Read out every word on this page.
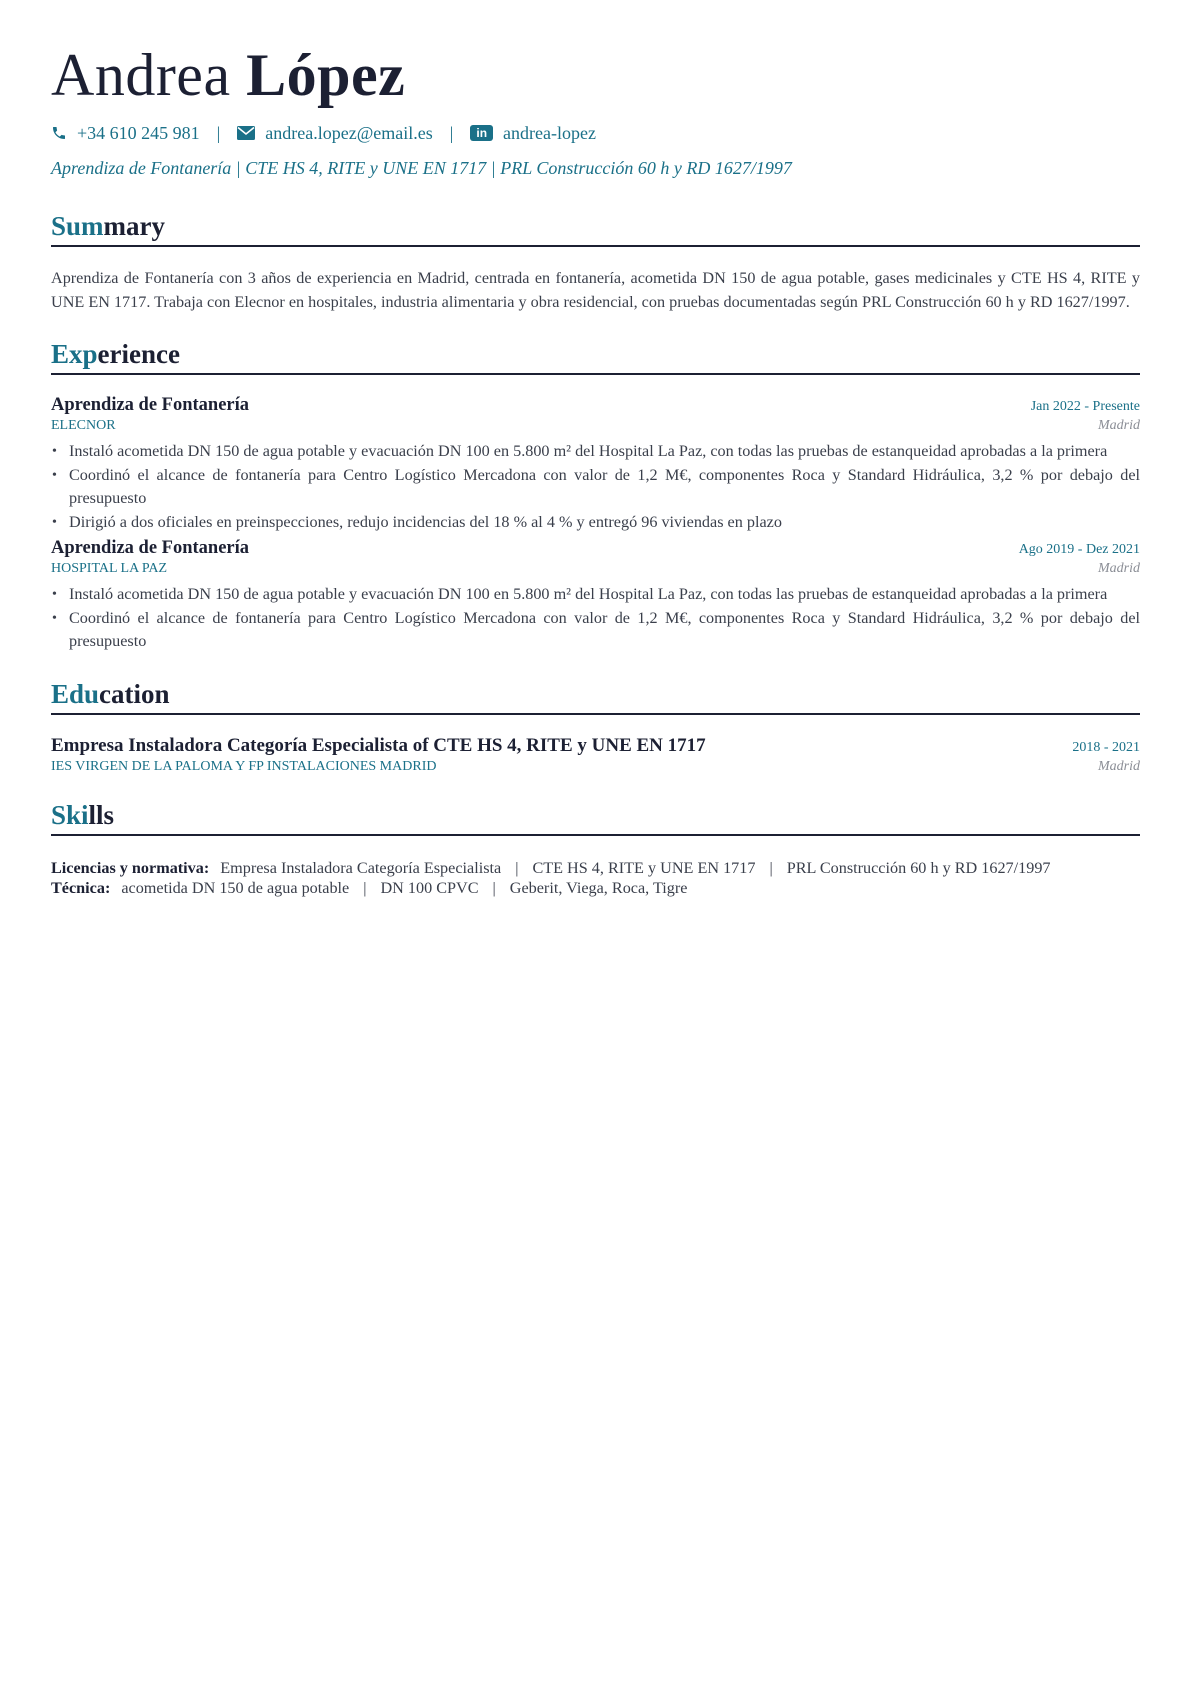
Andrea López
+34 610 245 981 |	andrea.lopez@email.es |	in andrea-lopez
Aprendiza de Fontanería | CTE HS 4, RITE y UNE EN 1717 | PRL Construcción 60 h y RD 1627/1997
Summary

Aprendiza de Fontanería con 3 años de experiencia en Madrid, centrada en fontanería, acometida DN 150 de agua potable, gases medicinales y CTE HS 4, RITE y UNE EN 1717. Trabaja con Elecnor en hospitales, industria alimentaria y obra residencial, con pruebas documentadas según PRL Construcción 60 h y RD 1627/1997.

Experience
Aprendiza de Fontanería	Jan 2022 - Presente
ELECNOR	Madrid
• Instaló acometida DN 150 de agua potable y evacuación DN 100 en 5.800 m² del Hospital La Paz, con todas las pruebas de estanqueidad aprobadas a la primera
• Coordinó el alcance de fontanería para Centro Logístico Mercadona con valor de 1,2 M€, componentes Roca y Standard Hidráulica, 3,2 % por debajo del presupuesto
• Dirigió a dos oficiales en preinspecciones, redujo incidencias del 18 % al 4 % y entregó 96 viviendas en plazo
Aprendiza de Fontanería	Ago 2019 - Dez 2021
HOSPITAL LA PAZ	Madrid
• Instaló acometida DN 150 de agua potable y evacuación DN 100 en 5.800 m² del Hospital La Paz, con todas las pruebas de estanqueidad aprobadas a la primera
• Coordinó el alcance de fontanería para Centro Logístico Mercadona con valor de 1,2 M€, componentes Roca y Standard Hidráulica, 3,2 % por debajo del presupuesto
Education
Empresa Instaladora Categoría Especialista of CTE HS 4, RITE y UNE EN 1717	2018 - 2021
IES VIRGEN DE LA PALOMA Y FP INSTALACIONES MADRID	Madrid
Skills
Licencias y normativa: Empresa Instaladora Categoría Especialista | CTE HS 4, RITE y UNE EN 1717 | PRL Construcción 60 h y RD 1627/1997
Técnica: acometida DN 150 de agua potable | DN 100 CPVC | Geberit, Viega, Roca, Tigre
